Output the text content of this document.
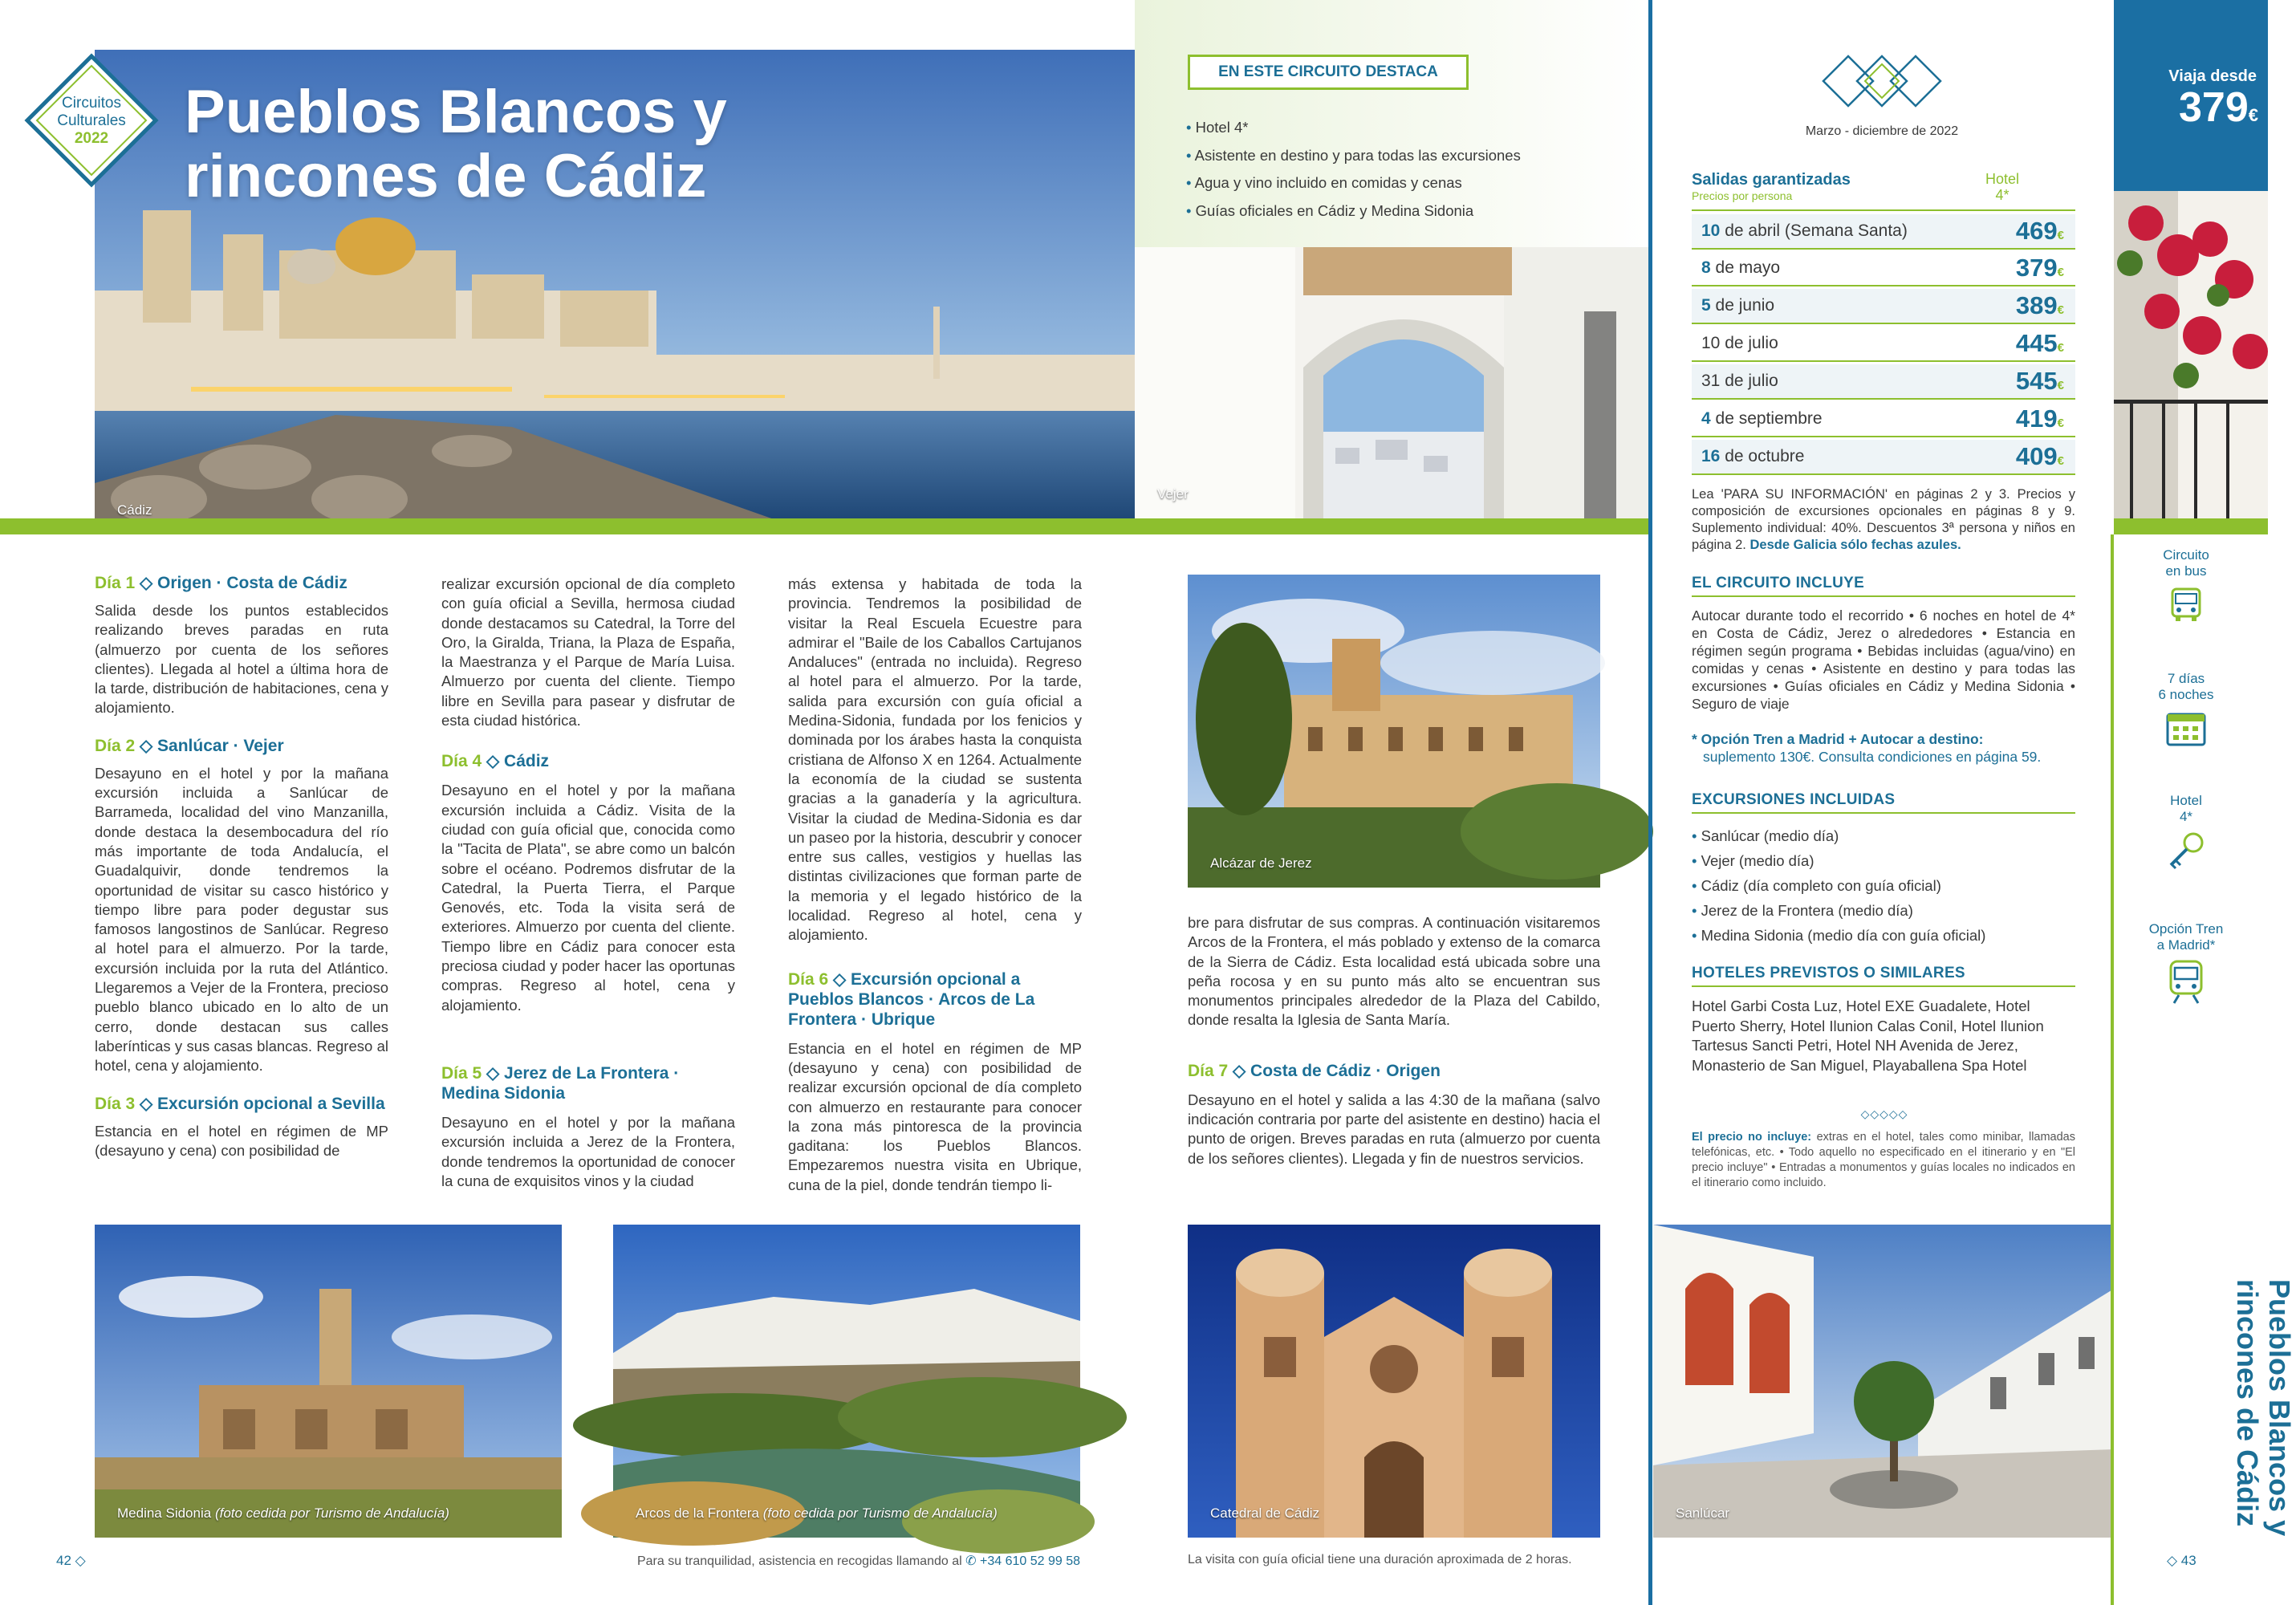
Cádiz
Circuitos
Culturales
2022	Pueblos Blancos y
rincones de Cádiz
EN ESTE CIRCUITO DESTACA
• Hotel 4*
• Asistente en destino y para todas las excursiones
• Agua y vino incluido en comidas y cenas
• Guías oficiales en Cádiz y Medina Sidonia
Vejer
Día 1 ◇ Origen · Costa de Cádiz

Salida desde los puntos establecidos realizando breves paradas en ruta (almuerzo por cuenta de los señores clientes). Llegada al hotel a última hora de la tarde, distribución de habitaciones, cena y alojamiento.

Día 2 ◇ Sanlúcar · Vejer

Desayuno en el hotel y por la mañana excursión incluida a Sanlúcar de Barrameda, localidad del vino Manzanilla, donde destaca la desembocadura del río más importante de toda Andalucía, el Guadalquivir, donde tendremos la oportunidad de visitar su casco histórico y tiempo libre para poder degustar sus famosos langostinos de Sanlúcar. Regreso al hotel para el almuerzo. Por la tarde, excursión incluida por la ruta del Atlántico. Llegaremos a Vejer de la Frontera, precioso pueblo blanco ubicado en lo alto de un cerro, donde destacan sus calles laberínticas y sus casas blancas. Regreso al hotel, cena y alojamiento.

Día 3 ◇ Excursión opcional a Sevilla

Estancia en el hotel en régimen de MP (desayuno y cena) con posibilidad de

realizar excursión opcional de día completo con guía oficial a Sevilla, hermosa ciudad donde destacamos su Catedral, la Torre del Oro, la Giralda, Triana, la Plaza de España, la Maestranza y el Parque de María Luisa. Almuerzo por cuenta del cliente. Tiempo libre en Sevilla para pasear y disfrutar de esta ciudad histórica.

Día 4 ◇ Cádiz

Desayuno en el hotel y por la mañana excursión incluida a Cádiz. Visita de la ciudad con guía oficial que, conocida como la "Tacita de Plata", se abre como un balcón sobre el océano. Podremos disfrutar de la Catedral, la Puerta Tierra, el Parque Genovés, etc. Toda la visita será de exteriores. Almuerzo por cuenta del cliente. Tiempo libre en Cádiz para conocer esta preciosa ciudad y poder hacer las oportunas compras. Regreso al hotel, cena y alojamiento.

Día 5 ◇ Jerez de La Frontera · Medina Sidonia

Desayuno en el hotel y por la mañana excursión incluida a Jerez de la Frontera, donde tendremos la oportunidad de conocer la cuna de exquisitos vinos y la ciudad

más extensa y habitada de toda la provincia. Tendremos la posibilidad de visitar la Real Escuela Ecuestre para admirar el "Baile de los Caballos Cartujanos Andaluces" (entrada no incluida). Regreso al hotel para el almuerzo. Por la tarde, salida para excursión con guía oficial a Medina-Sidonia, fundada por los fenicios y dominada por los árabes hasta la conquista cristiana de Alfonso X en 1264. Actualmente la economía de la ciudad se sustenta gracias a la ganadería y la agricultura. Visitar la ciudad de Medina-Sidonia es dar un paseo por la historia, descubrir y conocer entre sus calles, vestigios y huellas las distintas civilizaciones que forman parte de la memoria y el legado histórico de la localidad. Regreso al hotel, cena y alojamiento.

Día 6 ◇ Excursión opcional a Pueblos Blancos · Arcos de La Frontera · Ubrique

Estancia en el hotel en régimen de MP (desayuno y cena) con posibilidad de realizar excursión opcional de día completo con almuerzo en restaurante para conocer la zona más pintoresca de la provincia gaditana: los Pueblos Blancos. Empezaremos nuestra visita en Ubrique, cuna de la piel, donde tendrán tiempo li-

Alcázar de Jerez

bre para disfrutar de sus compras. A continuación visitaremos Arcos de la Frontera, el más poblado y extenso de la comarca de la Sierra de Cádiz. Esta localidad está ubicada sobre una peña rocosa y en su punto más alto se encuentran sus monumentos principales alrededor de la Plaza del Cabildo, donde resalta la Iglesia de Santa María.

Día 7 ◇ Costa de Cádiz · Origen

Desayuno en el hotel y salida a las 4:30 de la mañana (salvo indicación contraria por parte del asistente en destino) hacia el punto de origen. Breves paradas en ruta (almuerzo por cuenta de los señores clientes). Llegada y fin de nuestros servicios.

Medina Sidonia (foto cedida por Turismo de Andalucía)	Arcos de la Frontera (foto cedida por Turismo de Andalucía)	Catedral de Cádiz
42 ◇	Para su tranquilidad, asistencia en recogidas llamando al ✆ +34 610 52 99 58	La visita con guía oficial tiene una duración aproximada de 2 horas.
Marzo - diciembre de 2022
Salidas garantizadas
Precios por persona
Hotel
4*
10 de abril (Semana Santa)	469€
8 de mayo	379€
5 de junio	389€
10 de julio	445€
31 de julio	545€
4 de septiembre	419€
16 de octubre	409€
Lea 'PARA SU INFORMACIÓN' en páginas 2 y 3. Precios y composición de excursiones opcionales en páginas 8 y 9. Suplemento individual: 40%. Descuentos 3ª persona y niños en página 2. Desde Galicia sólo fechas azules.
EL CIRCUITO INCLUYE
Autocar durante todo el recorrido • 6 noches en hotel de 4* en Costa de Cádiz, Jerez o alrededores • Estancia en régimen según programa • Bebidas incluidas (agua/vino) en comidas y cenas • Asistente en destino y para todas las excursiones • Guías oficiales en Cádiz y Medina Sidonia • Seguro de viaje
* Opción Tren a Madrid + Autocar a destino:
suplemento 130€. Consulta condiciones en página 59.
EXCURSIONES INCLUIDAS
• Sanlúcar (medio día)
• Vejer (medio día)
• Cádiz (día completo con guía oficial)
• Jerez de la Frontera (medio día)
• Medina Sidonia (medio día con guía oficial)
HOTELES PREVISTOS O SIMILARES
Hotel Garbi Costa Luz, Hotel EXE Guadalete, Hotel Puerto Sherry, Hotel Ilunion Calas Conil, Hotel Ilunion Tartesus Sancti Petri, Hotel NH Avenida de Jerez, Monasterio de San Miguel, Playaballena Spa Hotel
◇◇◇◇◇
El precio no incluye: extras en el hotel, tales como minibar, llamadas telefónicas, etc. • Todo aquello no especificado en el itinerario y en "El precio incluye" • Entradas a monumentos y guías locales no indicados en el itinerario como incluido.
Sanlúcar
◇ 43
Viaja desde
379€
Circuito
en bus
7 días
6 noches
Hotel
4*
Opción Tren
a Madrid*
Pueblos Blancos y
rincones de Cádiz
